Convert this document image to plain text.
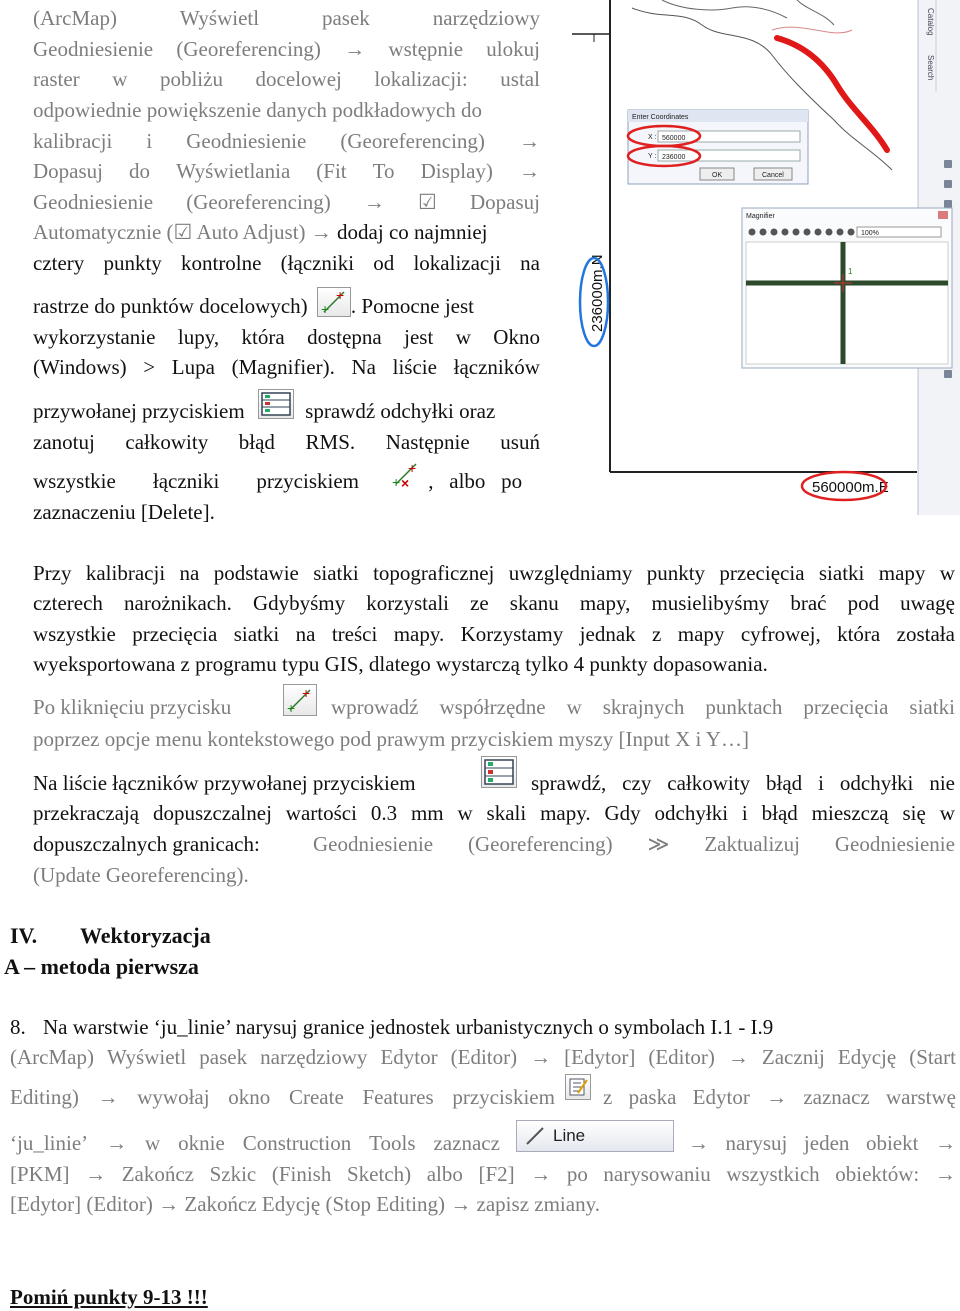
(ArcMap)	Wyświetl	pasek	narzędziowy
Geodniesienie (Georeferencing) → wstępnie ulokuj
raster w pobliżu docelowej lokalizacji: ustal
odpowiednie powiększenie danych podkładowych do
kalibracji i Geodniesienie (Georeferencing) →
Dopasuj do Wyświetlania (Fit To Display) →
Geodniesienie (Georeferencing) → ☑ Dopasuj
Automatycznie (☑ Auto Adjust) → dodaj co najmniej
cztery punkty kontrolne (łączniki od lokalizacji na
rastrze do punktów docelowych) +
+ . Pomocne jest
wykorzystanie lupy, która dostępna jest w Okno
(Windows) > Lupa (Magnifier). Na liście łączników
przywołanej przyciskiem	sprawdź odchyłki oraz
zanotuj całkowity błąd RMS. Następnie usuń
wszystkie łączniki przyciskiem
+
+
× ,   albo   po
zaznaczeniu [Delete].
Catalog
Search
Enter Coordinates
X : 560000
Y : 236000
OK	Cancel
Magnifier
100%
1
236000m.N
560000m.E
Przy kalibracji na podstawie siatki topograficznej uwzględniamy punkty przecięcia siatki mapy w
czterech narożnikach. Gdybyśmy korzystali ze skanu mapy, musielibyśmy brać pod uwagę
wszystkie przecięcia siatki na treści mapy. Korzystamy jednak z mapy cyfrowej, która została
wyeksportowana z programu typu GIS, dlatego wystarczą tylko 4 punkty dopasowania.
Po kliknięciu przycisku	+
+
wprowadź współrzędne w skrajnych punktach przecięcia siatki
poprzez opcje menu kontekstowego pod prawym przyciskiem myszy [Input X i Y…]
Na liście łączników przywołanej przyciskiem	sprawdź, czy całkowity błąd i odchyłki nie
przekraczają dopuszczalnej wartości 0.3 mm w skali mapy. Gdy odchyłki i błąd mieszczą się w
dopuszczalnych granicach:	Geodniesienie (Georeferencing) ≫ Zaktualizuj Geodniesienie
(Update Georeferencing).
IV. Wektoryzacja
A – metoda pierwsza
8. Na warstwie ‘ju_linie’ narysuj granice jednostek urbanistycznych o symbolach I.1 - I.9
(ArcMap) Wyświetl pasek narzędziowy Edytor (Editor) → [Edytor] (Editor) → Zacznij Edycję (Start
Editing) → wywołaj okno Create Features przyciskiem z paska Edytor → zaznacz warstwę
‘ju_linie’ → w oknie Construction Tools zaznacz	Line	→ narysuj jeden obiekt →
[PKM] → Zakończ Szkic (Finish Sketch) albo [F2] → po narysowaniu wszystkich obiektów: →
[Edytor] (Editor) → Zakończ Edycję (Stop Editing) → zapisz zmiany.
Pomiń punkty 9-13 !!!
